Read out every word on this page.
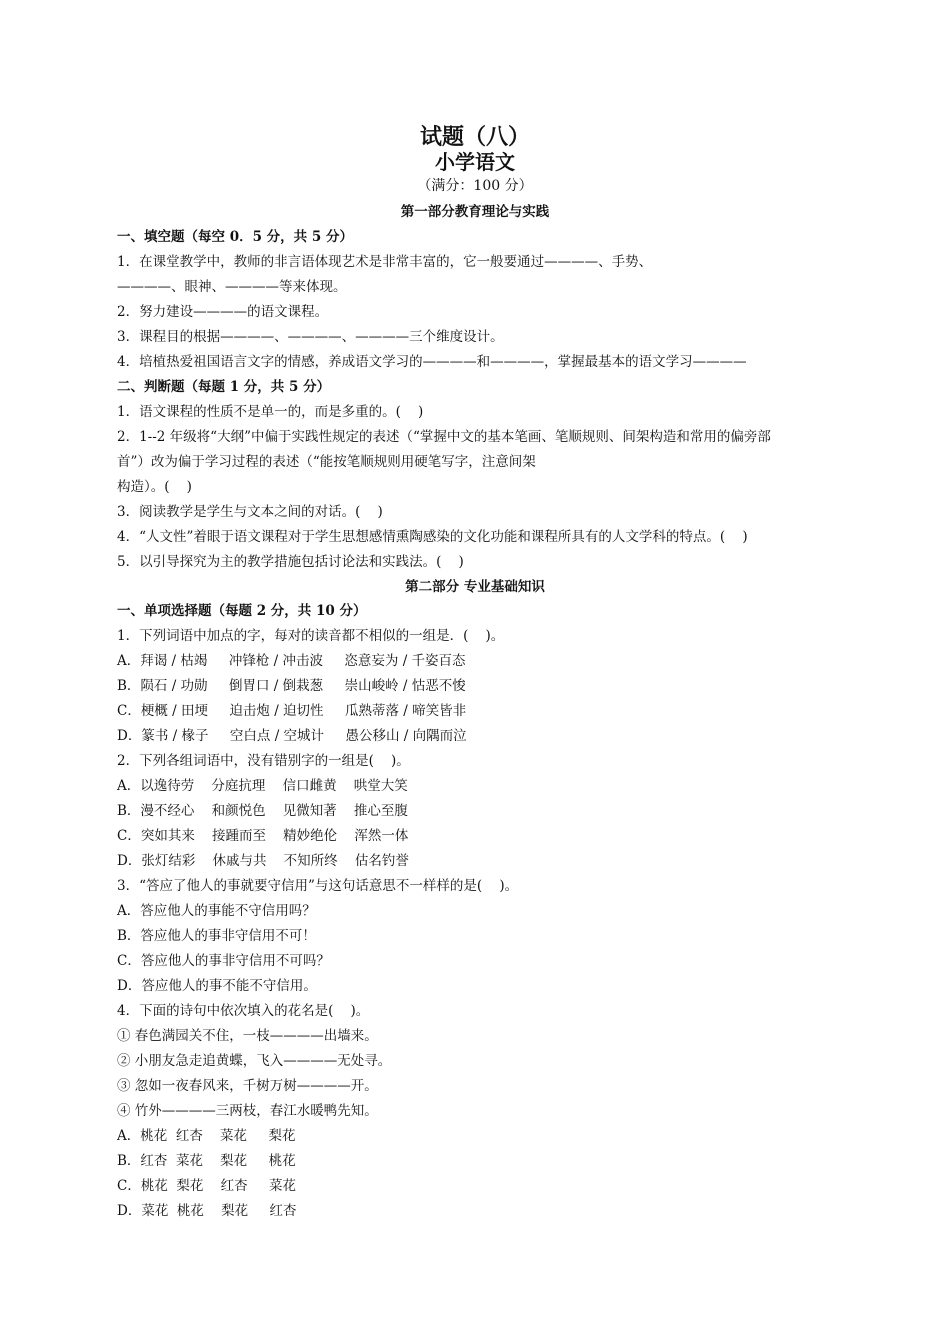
试题（八）
小学语文
（满分：100 分）
第一部分教育理论与实践
一、填空题（每空 0．5 分，共 5 分）
1．在课堂教学中，教师的非言语体现艺术是非常丰富的，它一般要通过————、手势、
————、眼神、————等来体现。
2．努力建设————的语文课程。
3．课程目的根据————、————、————三个维度设计。
4．培植热爱祖国语言文字的情感，养成语文学习的————和————，掌握最基本的语文学习————
二、判断题（每题 1 分，共 5 分）
1．语文课程的性质不是单一的，而是多重的。(    )
2．1--2 年级将“大纲”中偏于实践性规定的表述（“掌握中文的基本笔画、笔顺规则、间架构造和常用的偏旁部
首”）改为偏于学习过程的表述（“能按笔顺规则用硬笔写字，注意间架
构造）。(    )
3．阅读教学是学生与文本之间的对话。(    )
4．“人文性”着眼于语文课程对于学生思想感情熏陶感染的文化功能和课程所具有的人文学科的特点。(    )
5．以引导探究为主的教学措施包括讨论法和实践法。(    )
第二部分 专业基础知识
一、单项选择题（每题 2 分，共 10 分）
1．下列词语中加点的字，每对的读音都不相似的一组是．(    )。
A．拜谒 / 枯竭     冲锋枪 / 冲击波     恣意妄为 / 千姿百态
B．陨石 / 功勋     倒胃口 / 倒栽葱     崇山峻岭 / 怙恶不悛
C．梗概 / 田埂     迫击炮 / 迫切性     瓜熟蒂落 / 啼笑皆非
D．篆书 / 椽子     空白点 / 空城计     愚公移山 / 向隅而泣
2．下列各组词语中，没有错别字的一组是(    )。
A．以逸待劳    分庭抗理    信口雌黄    哄堂大笑
B．漫不经心    和颜悦色    见微知著    推心至腹
C．突如其来    接踵而至    精妙绝伦    浑然一体
D．张灯结彩    休戚与共    不知所终    估名钓誉
3．“答应了他人的事就要守信用”与这句话意思不一样样的是(    )。
A．答应他人的事能不守信用吗？
B．答应他人的事非守信用不可！
C．答应他人的事非守信用不可吗？
D．答应他人的事不能不守信用。
4．下面的诗句中依次填入的花名是(    )。
① 春色满园关不住，一枝————出墙来。
② 小朋友急走追黄蝶，飞入————无处寻。
③ 忽如一夜春风来，千树万树————开。
④ 竹外————三两枝，春江水暖鸭先知。
A．桃花  红杏    菜花     梨花
B．红杏  菜花    梨花     桃花
C．桃花  梨花    红杏     菜花
D．菜花  桃花    梨花     红杏
